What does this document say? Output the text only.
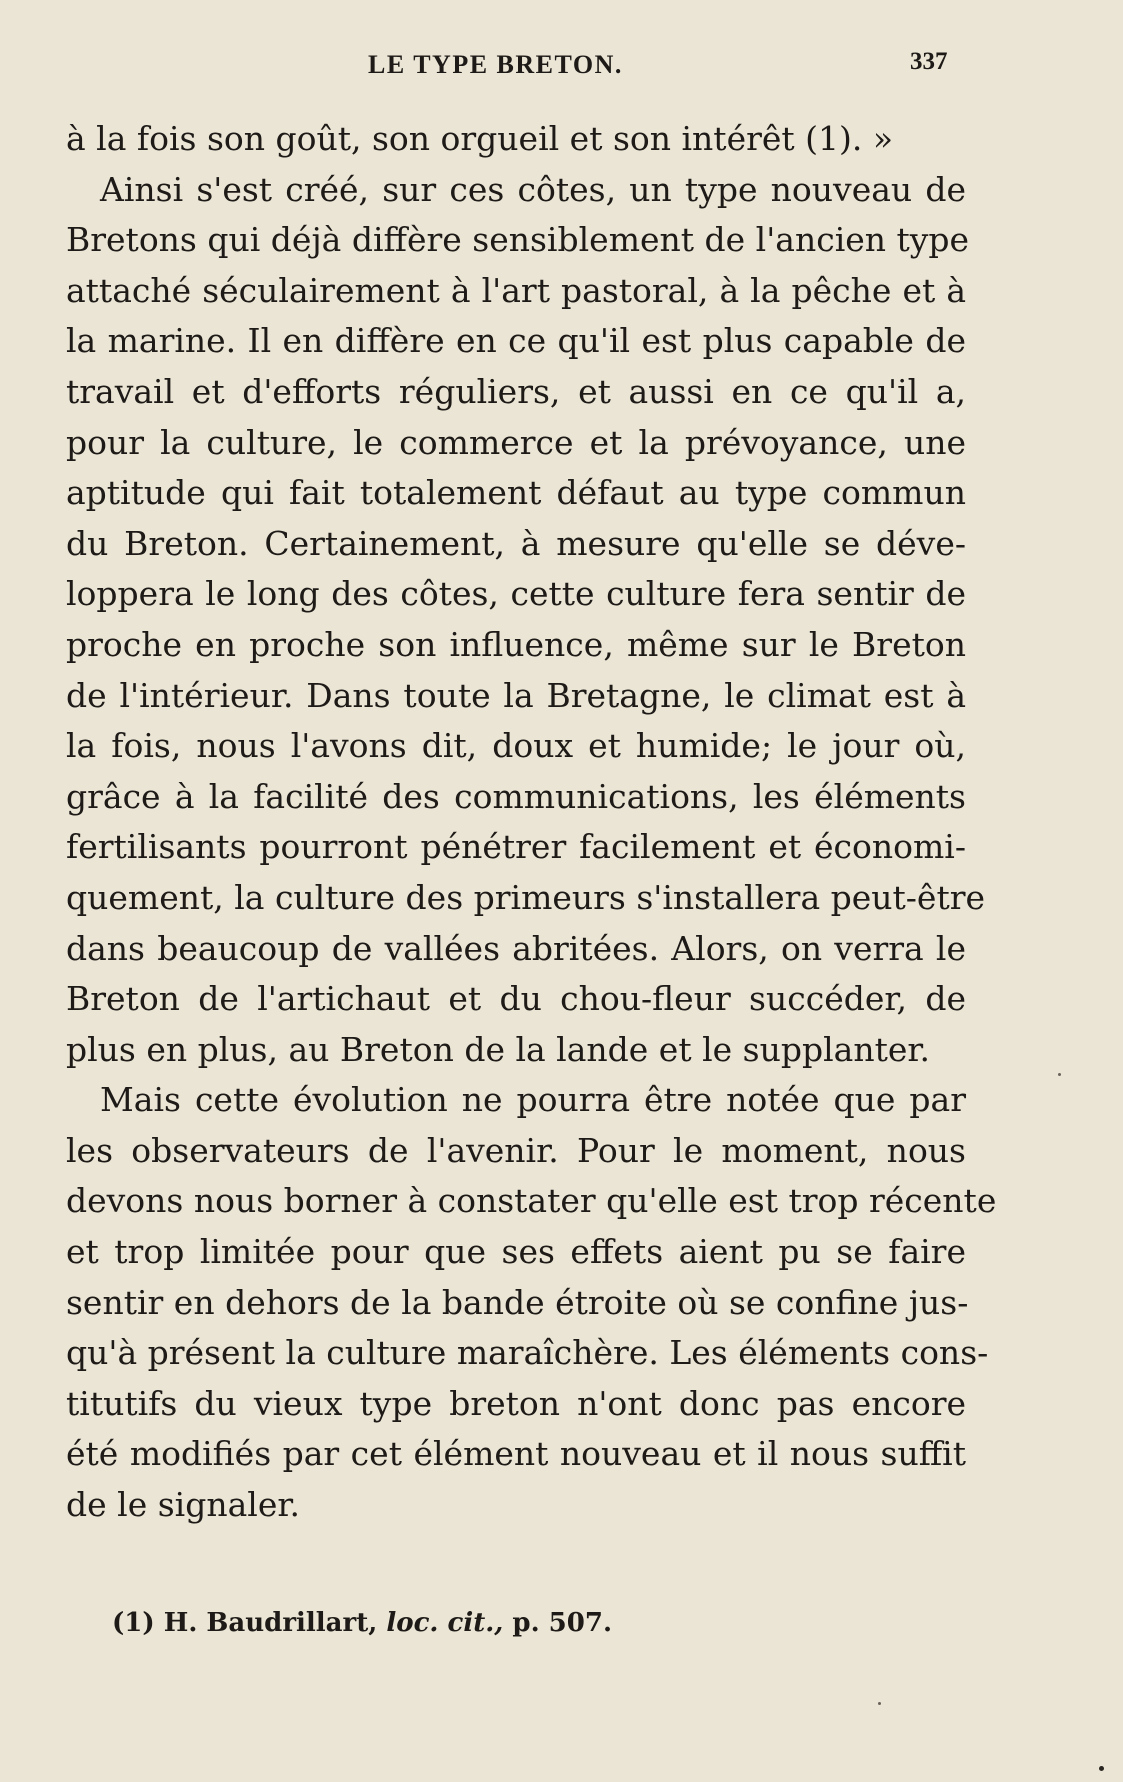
LE TYPE BRETON.	337
à la fois son goût, son orgueil et son intérêt (1). »
Ainsi s'est créé, sur ces côtes, un type nouveau de
Bretons qui déjà diffère sensiblement de l'ancien type
attaché séculairement à l'art pastoral, à la pêche et à
la marine. Il en diffère en ce qu'il est plus capable de
travail et d'efforts réguliers, et aussi en ce qu'il a,
pour la culture, le commerce et la prévoyance, une
aptitude qui fait totalement défaut au type commun
du Breton. Certainement, à mesure qu'elle se déve-
loppera le long des côtes, cette culture fera sentir de
proche en proche son influence, même sur le Breton
de l'intérieur. Dans toute la Bretagne, le climat est à
la fois, nous l'avons dit, doux et humide; le jour où,
grâce à la facilité des communications, les éléments
fertilisants pourront pénétrer facilement et économi-
quement, la culture des primeurs s'installera peut-être
dans beaucoup de vallées abritées. Alors, on verra le
Breton de l'artichaut et du chou-fleur succéder, de
plus en plus, au Breton de la lande et le supplanter.
Mais cette évolution ne pourra être notée que par
les observateurs de l'avenir. Pour le moment, nous
devons nous borner à constater qu'elle est trop récente
et trop limitée pour que ses effets aient pu se faire
sentir en dehors de la bande étroite où se confine jus-
qu'à présent la culture maraîchère. Les éléments cons-
titutifs du vieux type breton n'ont donc pas encore
été modifiés par cet élément nouveau et il nous suffit
de le signaler.
(1) H. Baudrillart, loc. cit., p. 507.
